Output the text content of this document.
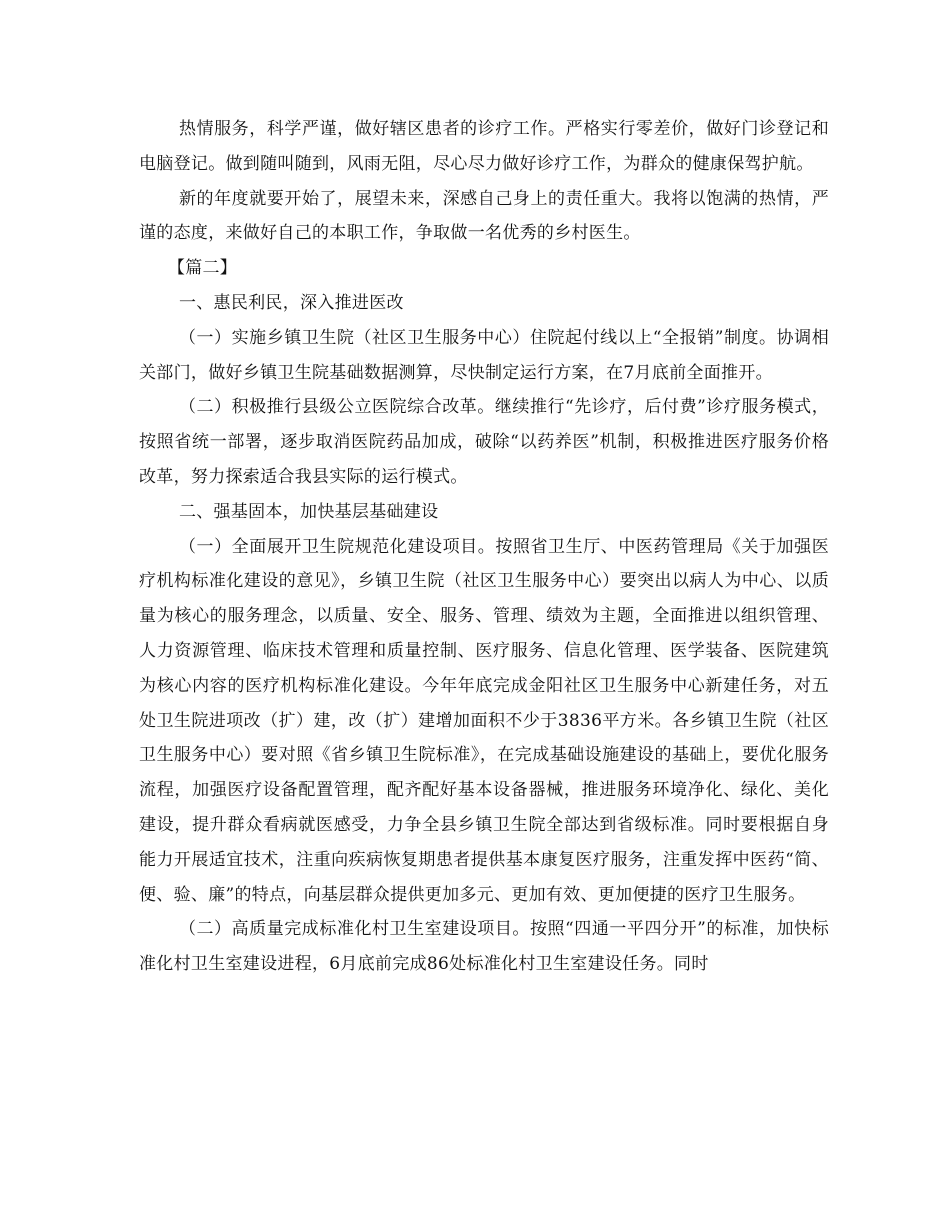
热情服务，科学严谨，做好辖区患者的诊疗工作。严格实行零差价，做好门诊登记和电脑登记。做到随叫随到，风雨无阻，尽心尽力做好诊疗工作，为群众的健康保驾护航。

新的年度就要开始了，展望未来，深感自己身上的责任重大。我将以饱满的热情，严谨的态度，来做好自己的本职工作，争取做一名优秀的乡村医生。

【篇二】

一、惠民利民，深入推进医改

（一）实施乡镇卫生院（社区卫生服务中心）住院起付线以上“全报销”制度。协调相关部门，做好乡镇卫生院基础数据测算，尽快制定运行方案，在7月底前全面推开。

（二）积极推行县级公立医院综合改革。继续推行“先诊疗，后付费”诊疗服务模式，按照省统一部署，逐步取消医院药品加成，破除“以药养医”机制，积极推进医疗服务价格改革，努力探索适合我县实际的运行模式。

二、强基固本，加快基层基础建设

（一）全面展开卫生院规范化建设项目。按照省卫生厅、中医药管理局《关于加强医疗机构标准化建设的意见》，乡镇卫生院（社区卫生服务中心）要突出以病人为中心、以质量为核心的服务理念，以质量、安全、服务、管理、绩效为主题，全面推进以组织管理、人力资源管理、临床技术管理和质量控制、医疗服务、信息化管理、医学装备、医院建筑为核心内容的医疗机构标准化建设。今年年底完成金阳社区卫生服务中心新建任务，对五处卫生院进项改（扩）建，改（扩）建增加面积不少于3836平方米。各乡镇卫生院（社区卫生服务中心）要对照《省乡镇卫生院标准》，在完成基础设施建设的基础上，要优化服务流程，加强医疗设备配置管理，配齐配好基本设备器械，推进服务环境净化、绿化、美化建设，提升群众看病就医感受，力争全县乡镇卫生院全部达到省级标准。同时要根据自身能力开展适宜技术，注重向疾病恢复期患者提供基本康复医疗服务，注重发挥中医药“简、便、验、廉”的特点，向基层群众提供更加多元、更加有效、更加便捷的医疗卫生服务。

（二）高质量完成标准化村卫生室建设项目。按照“四通一平四分开”的标准，加快标准化村卫生室建设进程，6月底前完成86处标准化村卫生室建设任务。同时
